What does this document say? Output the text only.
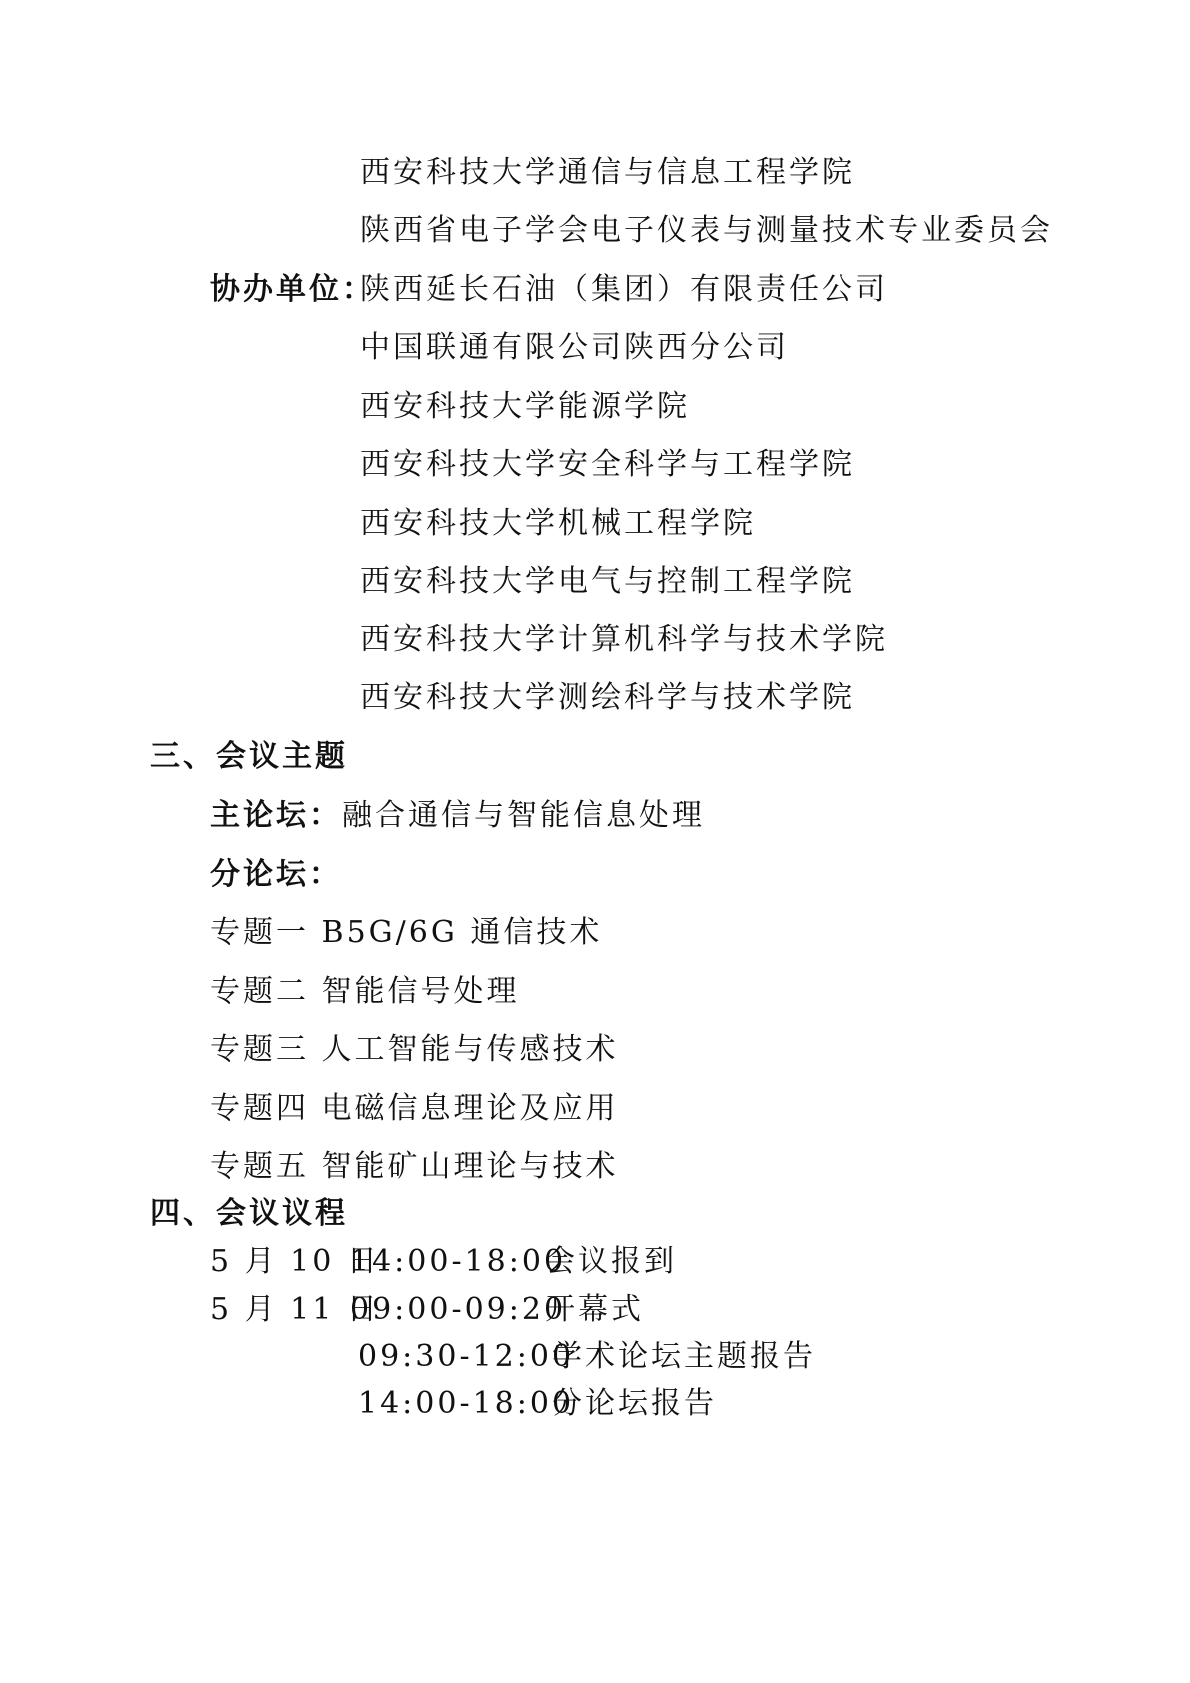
西安科技大学通信与信息工程学院
陕西省电子学会电子仪表与测量技术专业委员会
协办单位：
陕西延长石油（集团）有限责任公司
中国联通有限公司陕西分公司
西安科技大学能源学院
西安科技大学安全科学与工程学院
西安科技大学机械工程学院
西安科技大学电气与控制工程学院
西安科技大学计算机科学与技术学院
西安科技大学测绘科学与技术学院
三、会议主题
主论坛：融合通信与智能信息处理
分论坛：
专题一 B5G/6G 通信技术
专题二 智能信号处理
专题三 人工智能与传感技术
专题四 电磁信息理论及应用
专题五 智能矿山理论与技术
四、会议议程
5 月 10 日
14:00-18:00
会议报到
5 月 11 日
09:00-09:20
开幕式
09:30-12:00
学术论坛主题报告
14:00-18:00
分论坛报告
